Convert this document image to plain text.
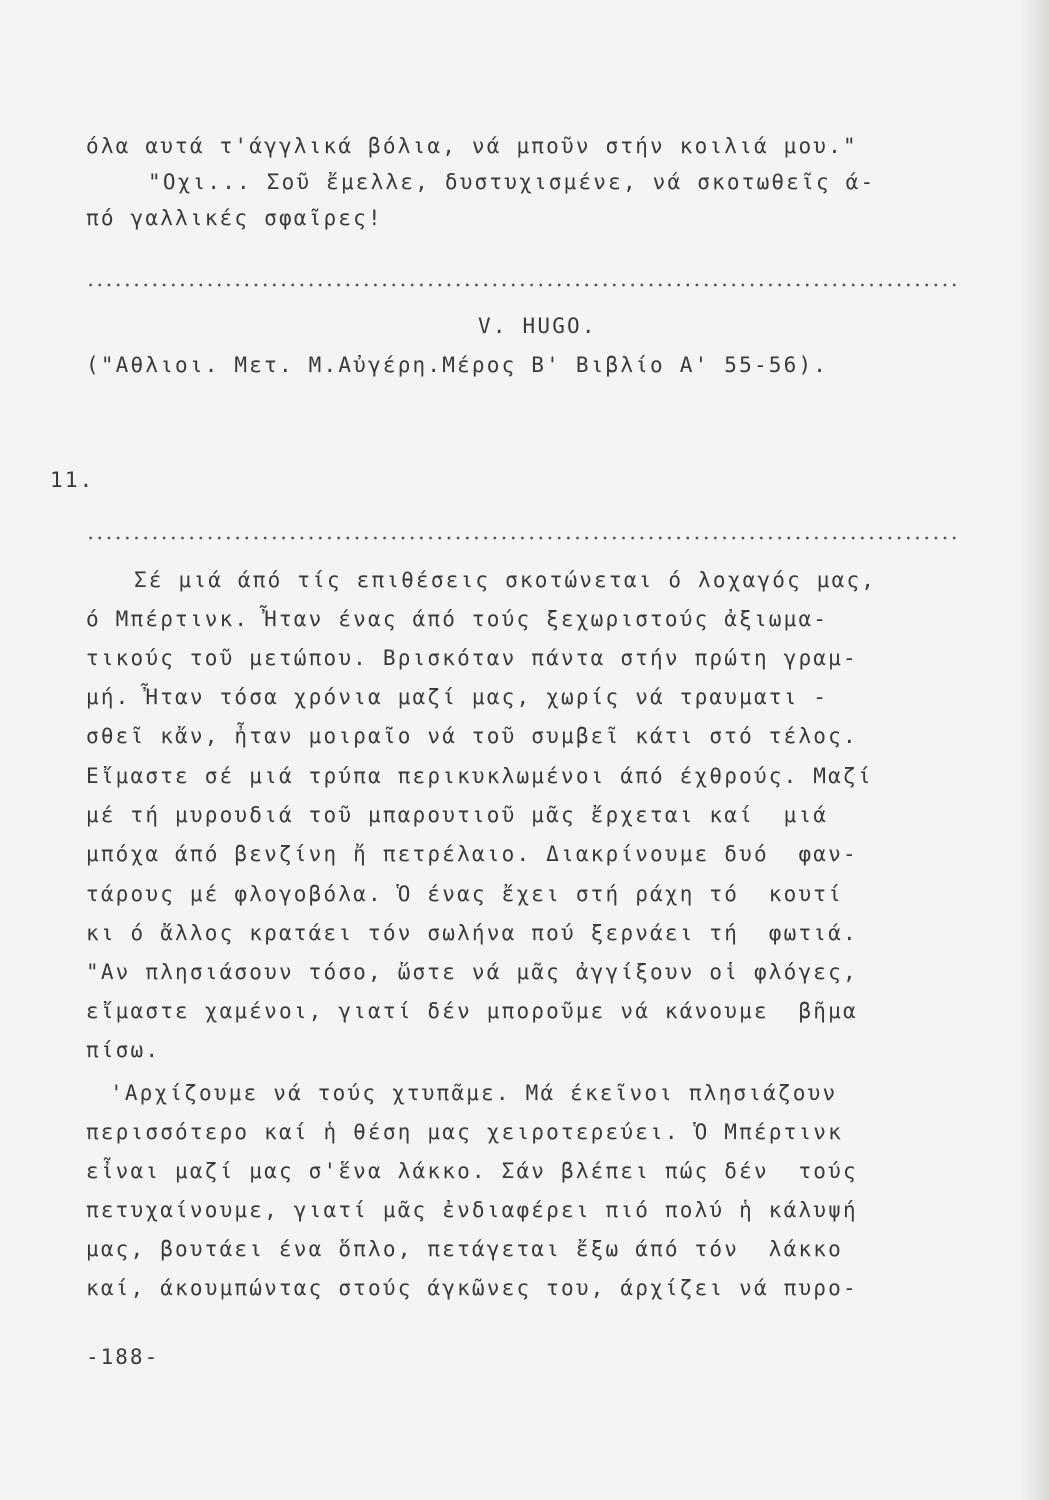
όλα αυτά τ'άγγλικά βόλια, νά μποῦν στήν κοιλιά μου."
"Οχι... Σοῦ ἔμελλε, δυστυχισμένε, νά σκοτωθεῖς ά-
πό γαλλικές σφαῖρες!
V. HUGO.
("Αθλιοι. Μετ. Μ.Αὐγέρη.Μέρος Β' Βιβλίο Α' 55-56).
11.
Σέ μιά άπό τίς επιθέσεις σκοτώνεται ό λοχαγός μας,
ό Μπέρτινκ. Ἦταν ένας άπό τούς ξεχωριστούς ἀξιωμα-
τικούς τοῦ μετώπου. Βρισκόταν πάντα στήν πρώτη γραμ-
μή. Ἦταν τόσα χρόνια μαζί μας, χωρίς νά τραυματι -
σθεῖ κἄν, ἦταν μοιραῖο νά τοῦ συμβεῖ κάτι στό τέλος.
Εἴμαστε σέ μιά τρύπα περικυκλωμένοι άπό έχθρούς. Μαζί
μέ τή μυρουδιά τοῦ μπαρουτιοῦ μᾶς ἔρχεται καί  μιά
μπόχα άπό βενζίνη ἤ πετρέλαιο. Διακρίνουμε δυό  φαν-
τάρους μέ φλογοβόλα. Ὁ ένας ἔχει στή ράχη τό  κουτί
κι ό ἄλλος κρατάει τόν σωλήνα πού ξερνάει τή  φωτιά.
"Αν πλησιάσουν τόσο, ὥστε νά μᾶς ἀγγίξουν οἱ φλόγες,
εἴμαστε χαμένοι, γιατί δέν μποροῦμε νά κάνουμε  βῆμα
πίσω.
'Αρχίζουμε νά τούς χτυπᾶμε. Μά έκεῖνοι πλησιάζουν
περισσότερο καί ἡ θέση μας χειροτερεύει. Ὁ Μπέρτινκ
εἶναι μαζί μας σ'ἕνα λάκκο. Σάν βλέπει πώς δέν  τούς
πετυχαίνουμε, γιατί μᾶς ἐνδιαφέρει πιό πολύ ἡ κάλυψή
μας, βουτάει ένα ὅπλο, πετάγεται ἔξω άπό τόν  λάκκο
καί, άκουμπώντας στούς άγκῶνες του, άρχίζει νά πυρο-
-188-
